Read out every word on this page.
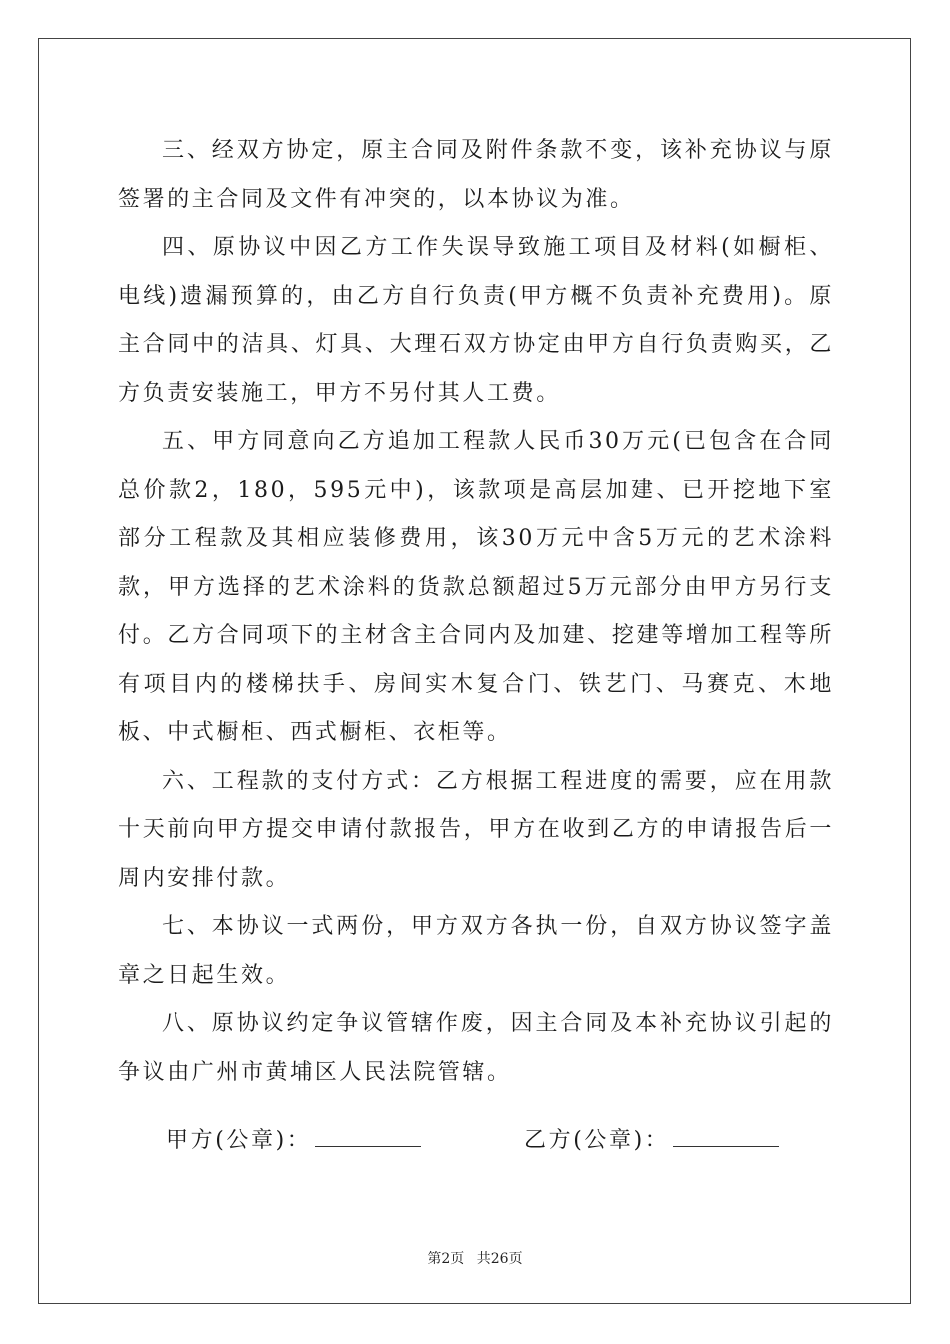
三、经双方协定，原主合同及附件条款不变，该补充协议与原签署的主合同及文件有冲突的，以本协议为准。

四、原协议中因乙方工作失误导致施工项目及材料(如橱柜、电线)遗漏预算的，由乙方自行负责(甲方概不负责补充费用)。原主合同中的洁具、灯具、大理石双方协定由甲方自行负责购买，乙方负责安装施工，甲方不另付其人工费。

五、甲方同意向乙方追加工程款人民币30万元(已包含在合同总价款2，180，595元中)，该款项是高层加建、已开挖地下室部分工程款及其相应装修费用，该30万元中含5万元的艺术涂料款，甲方选择的艺术涂料的货款总额超过5万元部分由甲方另行支付。乙方合同项下的主材含主合同内及加建、挖建等增加工程等所有项目内的楼梯扶手、房间实木复合门、铁艺门、马赛克、木地板、中式橱柜、西式橱柜、衣柜等。

六、工程款的支付方式：乙方根据工程进度的需要，应在用款十天前向甲方提交申请付款报告，甲方在收到乙方的申请报告后一周内安排付款。

七、本协议一式两份，甲方双方各执一份，自双方协议签字盖章之日起生效。

八、原协议约定争议管辖作废，因主合同及本补充协议引起的争议由广州市黄埔区人民法院管辖。

甲方(公章)：	乙方(公章)：
第2页 共26页
